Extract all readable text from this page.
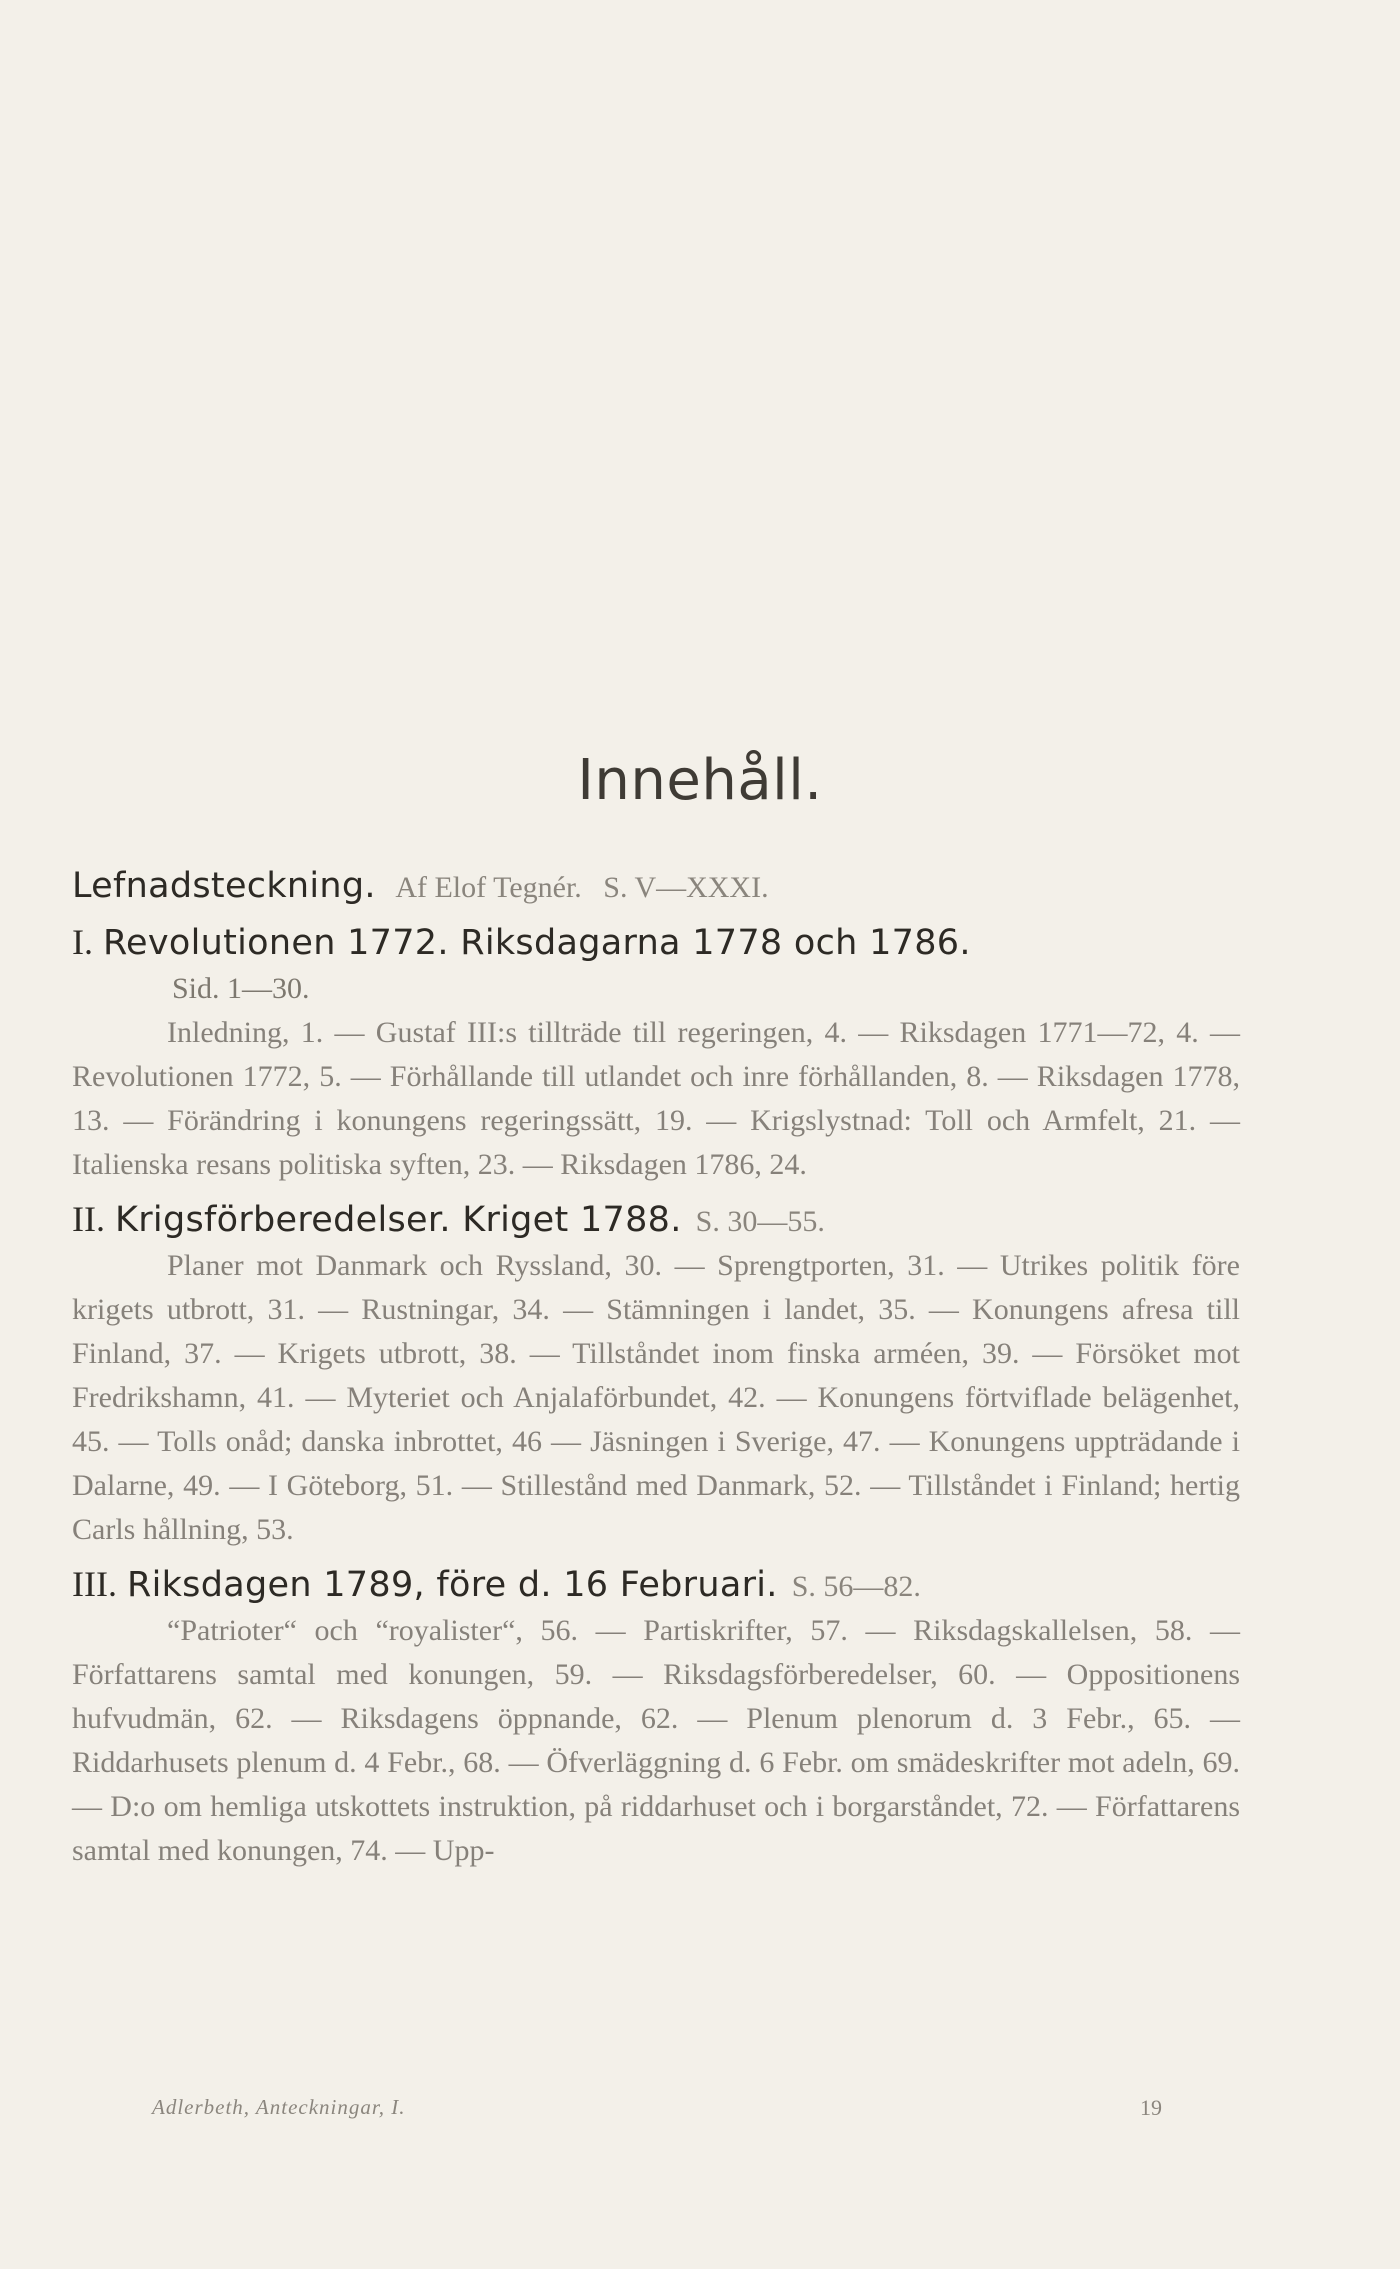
Innehåll.
Lefnadsteckning. Af Elof Tegnér. S. V—XXXI.
I. Revolutionen 1772. Riksdagarna 1778 och 1786.
Sid. 1—30.

Inledning, 1. — Gustaf III:s tillträde till regeringen, 4. — Riksdagen 1771—72, 4. — Revolutionen 1772, 5. — Förhållande till utlandet och inre förhållanden, 8. — Riksdagen 1778, 13. — Förändring i konungens regeringssätt, 19. — Krigslystnad: Toll och Armfelt, 21. — Italienska resans politiska syften, 23. — Riksdagen 1786, 24.

II. Krigsförberedelser. Kriget 1788. S. 30—55.

Planer mot Danmark och Ryssland, 30. — Sprengtporten, 31. — Utrikes politik före krigets utbrott, 31. — Rustningar, 34. — Stämningen i landet, 35. — Konungens afresa till Finland, 37. — Krigets utbrott, 38. — Tillståndet inom finska arméen, 39. — Försöket mot Fredrikshamn, 41. — Myteriet och Anjalaförbundet, 42. — Konungens förtviflade belägenhet, 45. — Tolls onåd; danska inbrottet, 46 — Jäsningen i Sverige, 47. — Konungens uppträdande i Dalarne, 49. — I Göteborg, 51. — Stillestånd med Danmark, 52. — Tillståndet i Finland; hertig Carls hållning, 53.

III. Riksdagen 1789, före d. 16 Februari. S. 56—82.

“Patrioter“ och “royalister“, 56. — Partiskrifter, 57. — Riksdagskallelsen, 58. — Författarens samtal med konungen, 59. — Riksdagsförberedelser, 60. — Oppositionens hufvudmän, 62. — Riksdagens öppnande, 62. — Plenum plenorum d. 3 Febr., 65. — Riddarhusets plenum d. 4 Febr., 68. — Öfverläggning d. 6 Febr. om smädeskrifter mot adeln, 69. — D:o om hemliga utskottets instruktion, på riddarhuset och i borgarståndet, 72. — Författarens samtal med konungen, 74. — Upp-

Adlerbeth, Anteckningar, I.	19
